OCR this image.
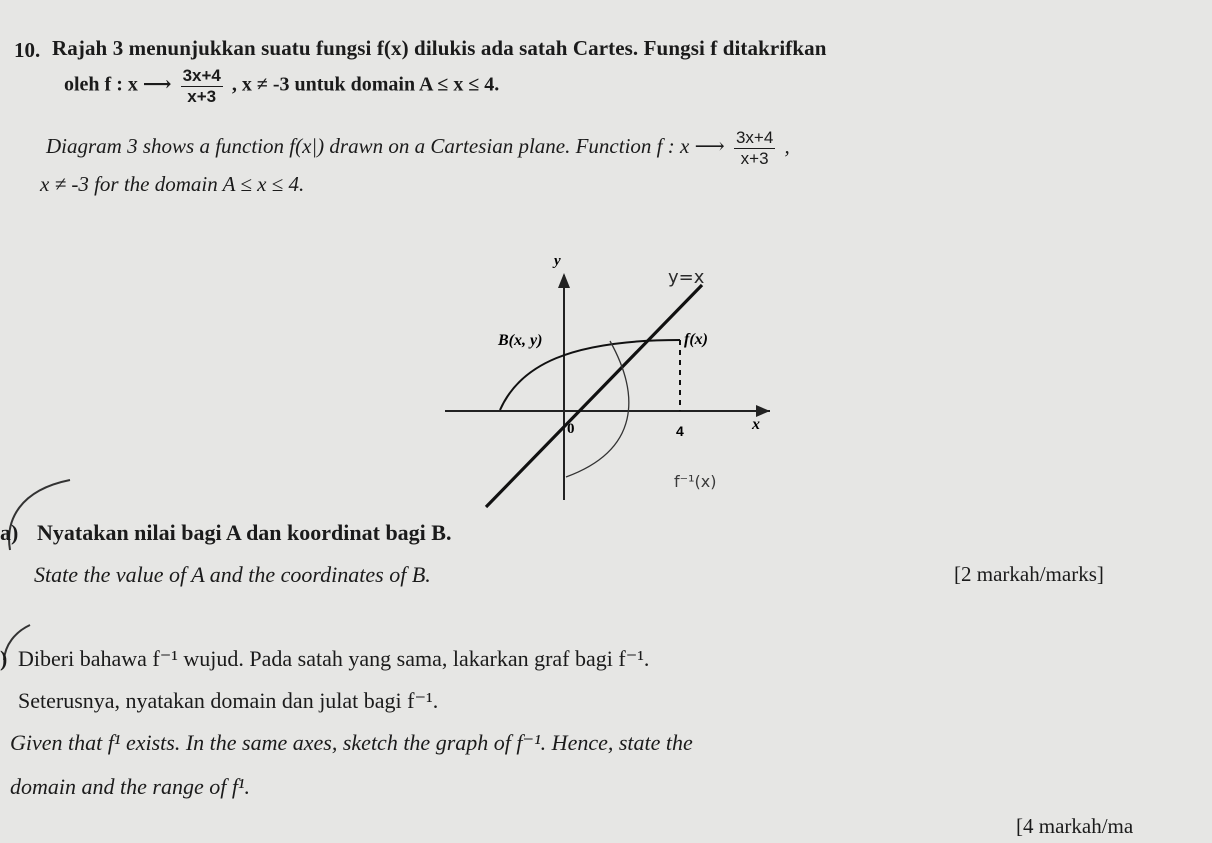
10. Rajah 3 menunjukkan suatu fungsi f(x) dilukis ada satah Cartes. Fungsi f ditakrifkan
oleh f : x ⟶ $\frac{3x+4}{x+3}$ , x ≠ -3 untuk domain A ≤ x ≤ 4.
Diagram 3 shows a function f(x|) drawn on a Cartesian plane. Function f : x ⟶ $\frac{3x+4}{x+3}$ ,
x ≠ -3 for the domain A ≤ x ≤ 4.
y
x
y=x
B(x, y)	f(x)
0	4
f⁻¹(x)
a) Nyatakan nilai bagi A dan koordinat bagi B.
State the value of A and the coordinates of B.	[2 markah/marks]
) Diberi bahawa f⁻¹ wujud. Pada satah yang sama, lakarkan graf bagi f⁻¹.
Seterusnya, nyatakan domain dan julat bagi f⁻¹.
Given that f¹ exists. In the same axes, sketch the graph of f⁻¹. Hence, state the
domain and the range of f¹.
[4 markah/ma
